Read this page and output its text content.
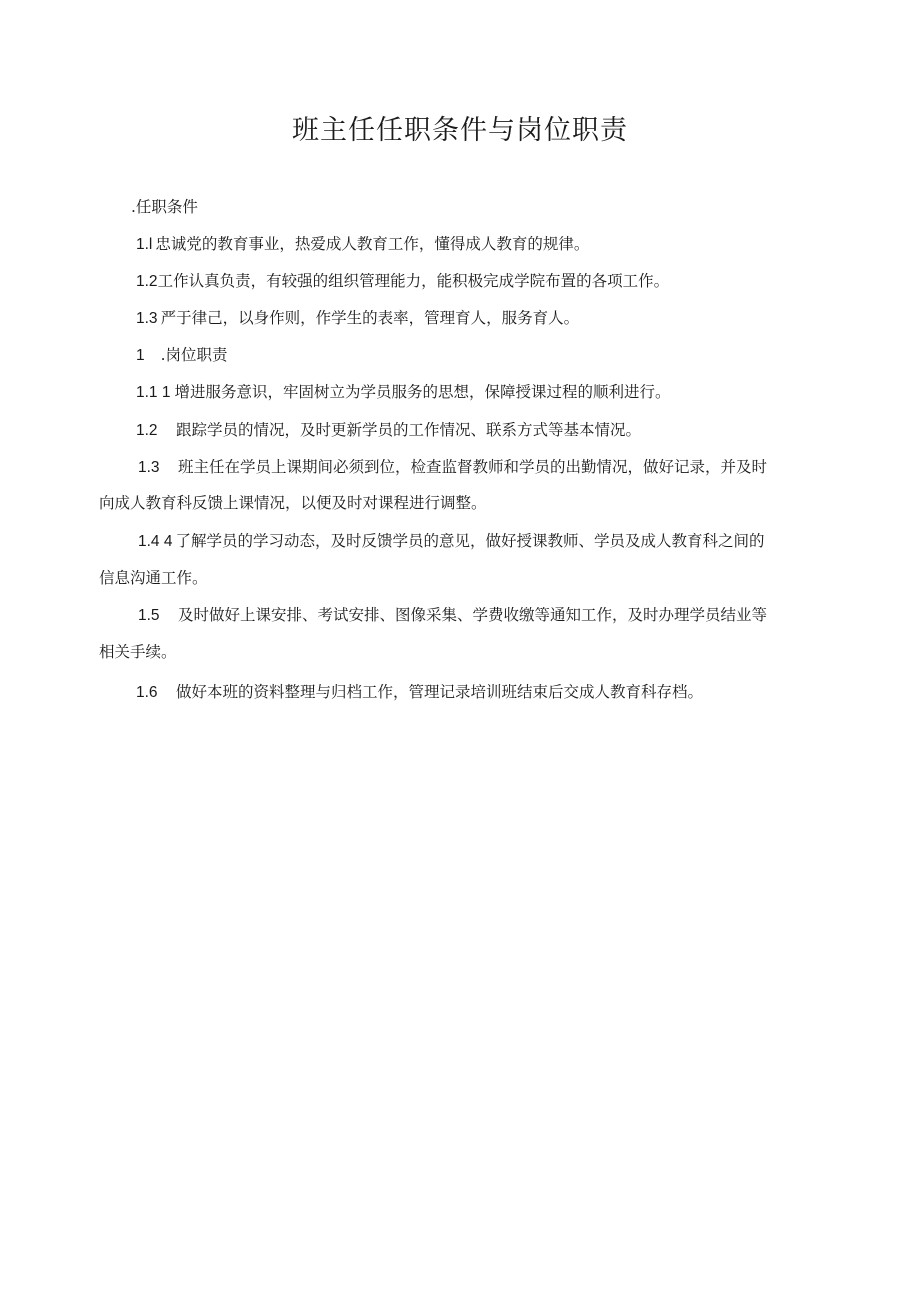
班主任任职条件与岗位职责
.任职条件
1.l 忠诚党的教育事业，热爱成人教育工作，懂得成人教育的规律。
1.2工作认真负责，有较强的组织管理能力，能积极完成学院布置的各项工作。
1.3 严于律己，以身作则，作学生的表率，管理育人，服务育人。
1 .岗位职责
1.1 1 增进服务意识，牢固树立为学员服务的思想，保障授课过程的顺利进行。
1.2 跟踪学员的情况，及时更新学员的工作情况、联系方式等基本情况。
1.3 班主任在学员上课期间必须到位，检查监督教师和学员的出勤情况，做好记录，并及时
向成人教育科反馈上课情况，以便及时对课程进行调整。
1.4 4 了解学员的学习动态，及时反馈学员的意见，做好授课教师、学员及成人教育科之间的
信息沟通工作。
1.5 及时做好上课安排、考试安排、图像采集、学费收缴等通知工作，及时办理学员结业等
相关手续。
1.6 做好本班的资料整理与归档工作，管理记录培训班结束后交成人教育科存档。
